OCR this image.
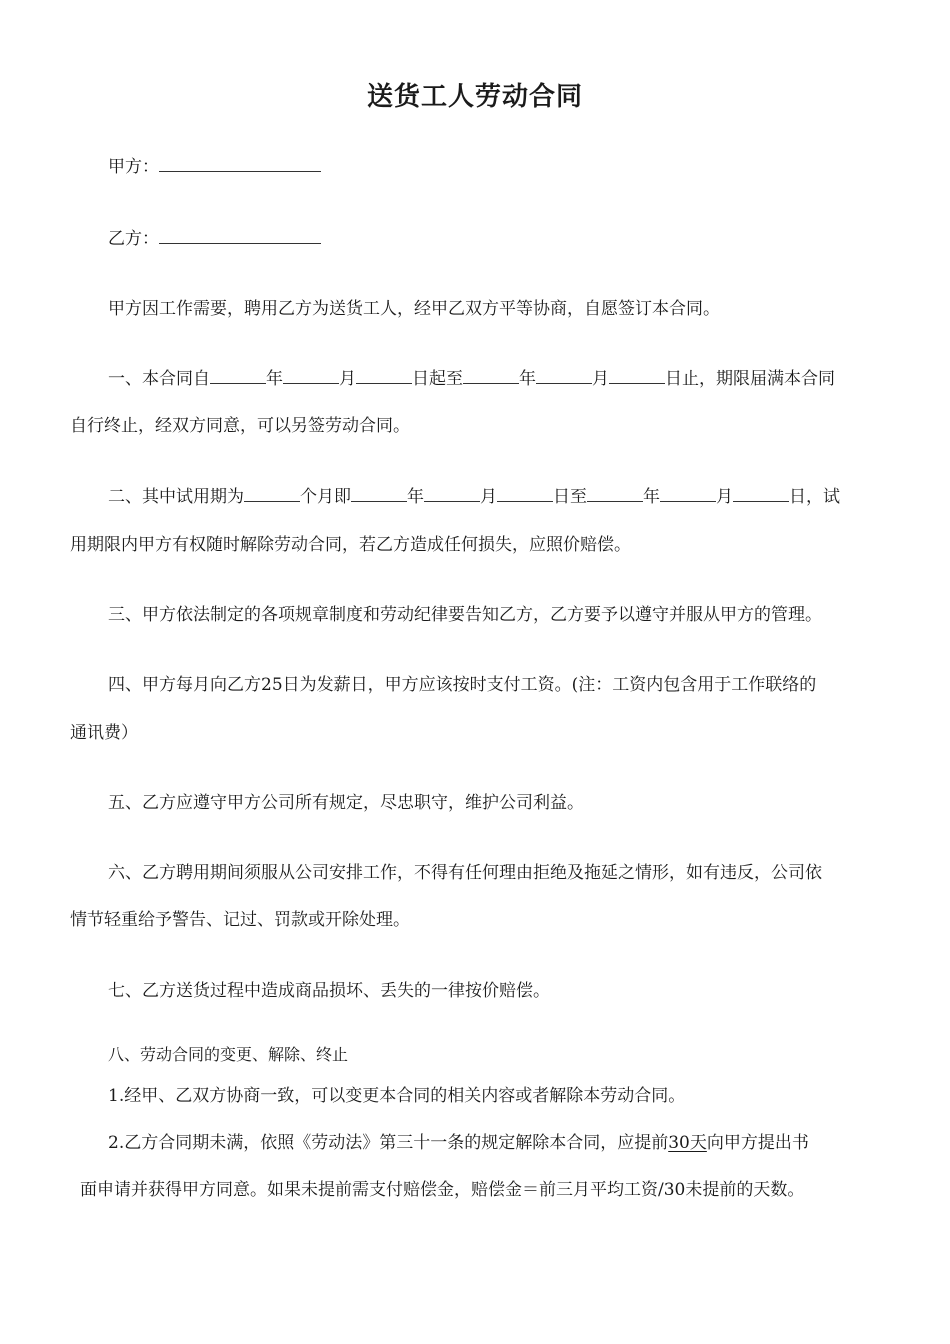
送货工人劳动合同
甲方：
乙方：
甲方因工作需要，聘用乙方为送货工人，经甲乙双方平等协商，自愿签订本合同。
一、本合同自	年	月	日起至	年	月	日止，期限届满本合同
自行终止，经双方同意，可以另签劳动合同。
二、其中试用期为	个月即	年	月	日至	年	月	日，试
用期限内甲方有权随时解除劳动合同，若乙方造成任何损失，应照价赔偿。
三、甲方依法制定的各项规章制度和劳动纪律要告知乙方，乙方要予以遵守并服从甲方的管理。
四、甲方每月向乙方25日为发薪日，甲方应该按时支付工资。(注：工资内包含用于工作联络的
通讯费）
五、乙方应遵守甲方公司所有规定，尽忠职守，维护公司利益。
六、乙方聘用期间须服从公司安排工作，不得有任何理由拒绝及拖延之情形，如有违反，公司依
情节轻重给予警告、记过、罚款或开除处理。
七、乙方送货过程中造成商品损坏、丢失的一律按价赔偿。
八、劳动合同的变更、解除、终止
1.经甲、乙双方协商一致，可以变更本合同的相关内容或者解除本劳动合同。
2.乙方合同期未满，依照《劳动法》第三十一条的规定解除本合同，应提前30天向甲方提出书
面申请并获得甲方同意。如果未提前需支付赔偿金，赔偿金＝前三月平均工资/30未提前的天数。
